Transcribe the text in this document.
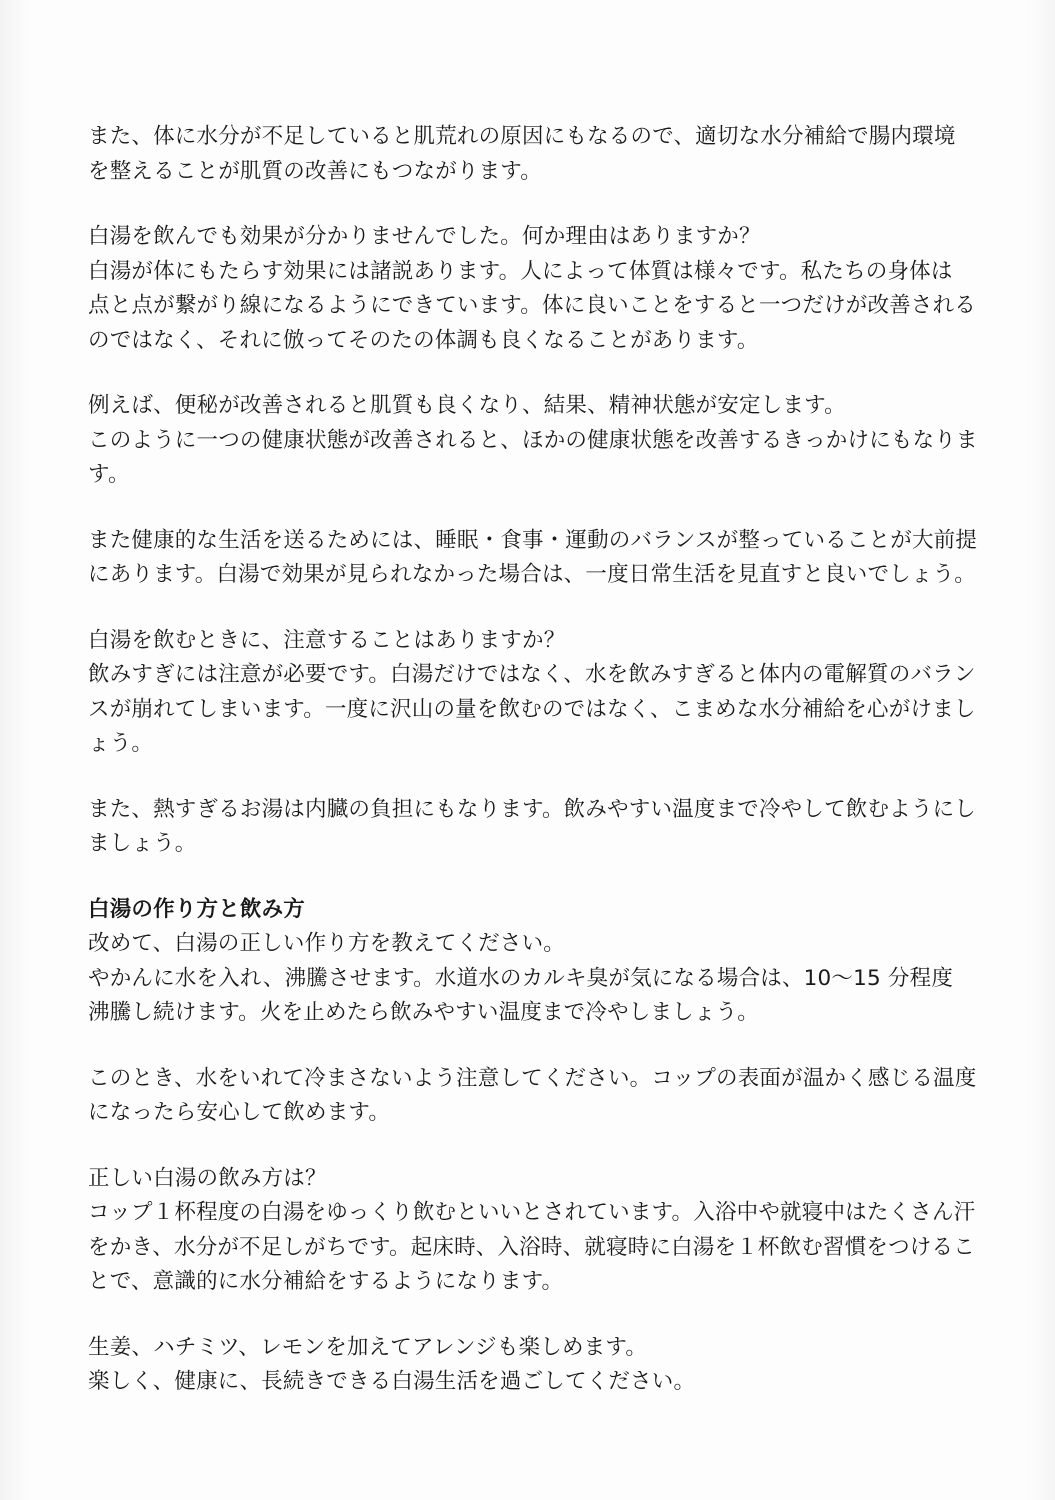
また、体に水分が不足していると肌荒れの原因にもなるので、適切な水分補給で腸内環境
を整えることが肌質の改善にもつながります。
白湯を飲んでも効果が分かりませんでした。何か理由はありますか？
白湯が体にもたらす効果には諸説あります。人によって体質は様々です。私たちの身体は
点と点が繋がり線になるようにできています。体に良いことをすると一つだけが改善される
のではなく、それに倣ってそのたの体調も良くなることがあります。
例えば、便秘が改善されると肌質も良くなり、結果、精神状態が安定します。
このように一つの健康状態が改善されると、ほかの健康状態を改善するきっかけにもなりま
す。
また健康的な生活を送るためには、睡眠・食事・運動のバランスが整っていることが大前提
にあります。白湯で効果が見られなかった場合は、一度日常生活を見直すと良いでしょう。
白湯を飲むときに、注意することはありますか？
飲みすぎには注意が必要です。白湯だけではなく、水を飲みすぎると体内の電解質のバラン
スが崩れてしまいます。一度に沢山の量を飲むのではなく、こまめな水分補給を心がけまし
ょう。
また、熱すぎるお湯は内臓の負担にもなります。飲みやすい温度まで冷やして飲むようにし
ましょう。
白湯の作り方と飲み方
改めて、白湯の正しい作り方を教えてください。
やかんに水を入れ、沸騰させます。水道水のカルキ臭が気になる場合は、10～15 分程度
沸騰し続けます。火を止めたら飲みやすい温度まで冷やしましょう。
このとき、水をいれて冷まさないよう注意してください。コップの表面が温かく感じる温度
になったら安心して飲めます。
正しい白湯の飲み方は？
コップ１杯程度の白湯をゆっくり飲むといいとされています。入浴中や就寝中はたくさん汗
をかき、水分が不足しがちです。起床時、入浴時、就寝時に白湯を１杯飲む習慣をつけるこ
とで、意識的に水分補給をするようになります。
生姜、ハチミツ、レモンを加えてアレンジも楽しめます。
楽しく、健康に、長続きできる白湯生活を過ごしてください。
